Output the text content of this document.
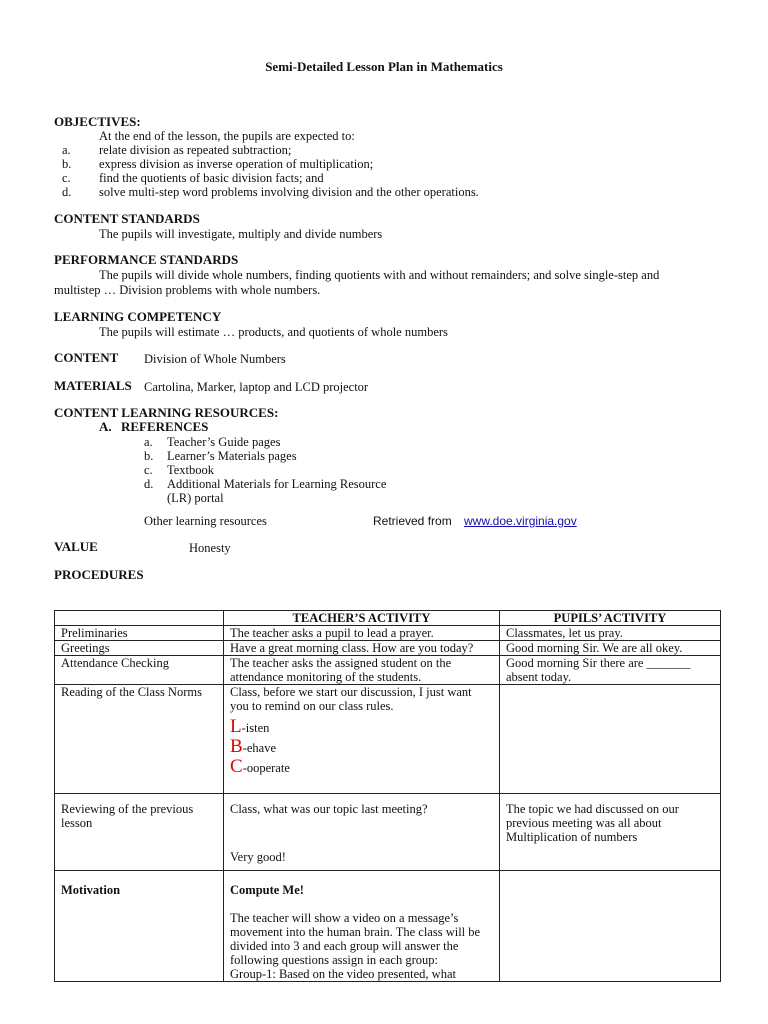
Semi-Detailed Lesson Plan in Mathematics
OBJECTIVES:
At the end of the lesson, the pupils are expected to:
a. relate division as repeated subtraction;
b. express division as inverse operation of multiplication;
c. find the quotients of basic division facts; and
d. solve multi-step word problems involving division and the other operations.
CONTENT STANDARDS
The pupils will investigate, multiply and divide numbers
PERFORMANCE STANDARDS
The pupils will divide whole numbers, finding quotients with and without remainders; and solve single-step and
multistep … Division problems with whole numbers.
LEARNING COMPETENCY
The pupils will estimate … products, and quotients of whole numbers
CONTENT Division of Whole Numbers
MATERIALS Cartolina, Marker, laptop and LCD projector
CONTENT LEARNING RESOURCES:
A. REFERENCES
a. Teacher’s Guide pages
b. Learner’s Materials pages
c. Textbook
d. Additional Materials for Learning Resource
(LR) portal
Other learning resources	Retrieved from www.doe.virginia.gov
VALUE	Honesty
PROCEDURES
	TEACHER’S ACTIVITY	PUPILS’ ACTIVITY
Preliminaries	The teacher asks a pupil to lead a prayer.	Classmates, let us pray.
Greetings	Have a great morning class. How are you today?	Good morning Sir. We are all okey.
Attendance Checking	The teacher asks the assigned student on the attendance monitoring of the students.	Good morning Sir there are _______ absent today.
Reading of the Class Norms	Class, before we start our discussion, I just want you to remind on our class rules.
L-isten
B-ehave
C-ooperate	

Reviewing of the previous lesson	Class, what was our topic last meeting?
Very good!	The topic we had discussed on our previous meeting was all about Multiplication of numbers
Motivation	Compute Me!
The teacher will show a video on a message’s movement into the human brain. The class will be divided into 3 and each group will answer the following questions assign in each group:
Group-1: Based on the video presented, what	
